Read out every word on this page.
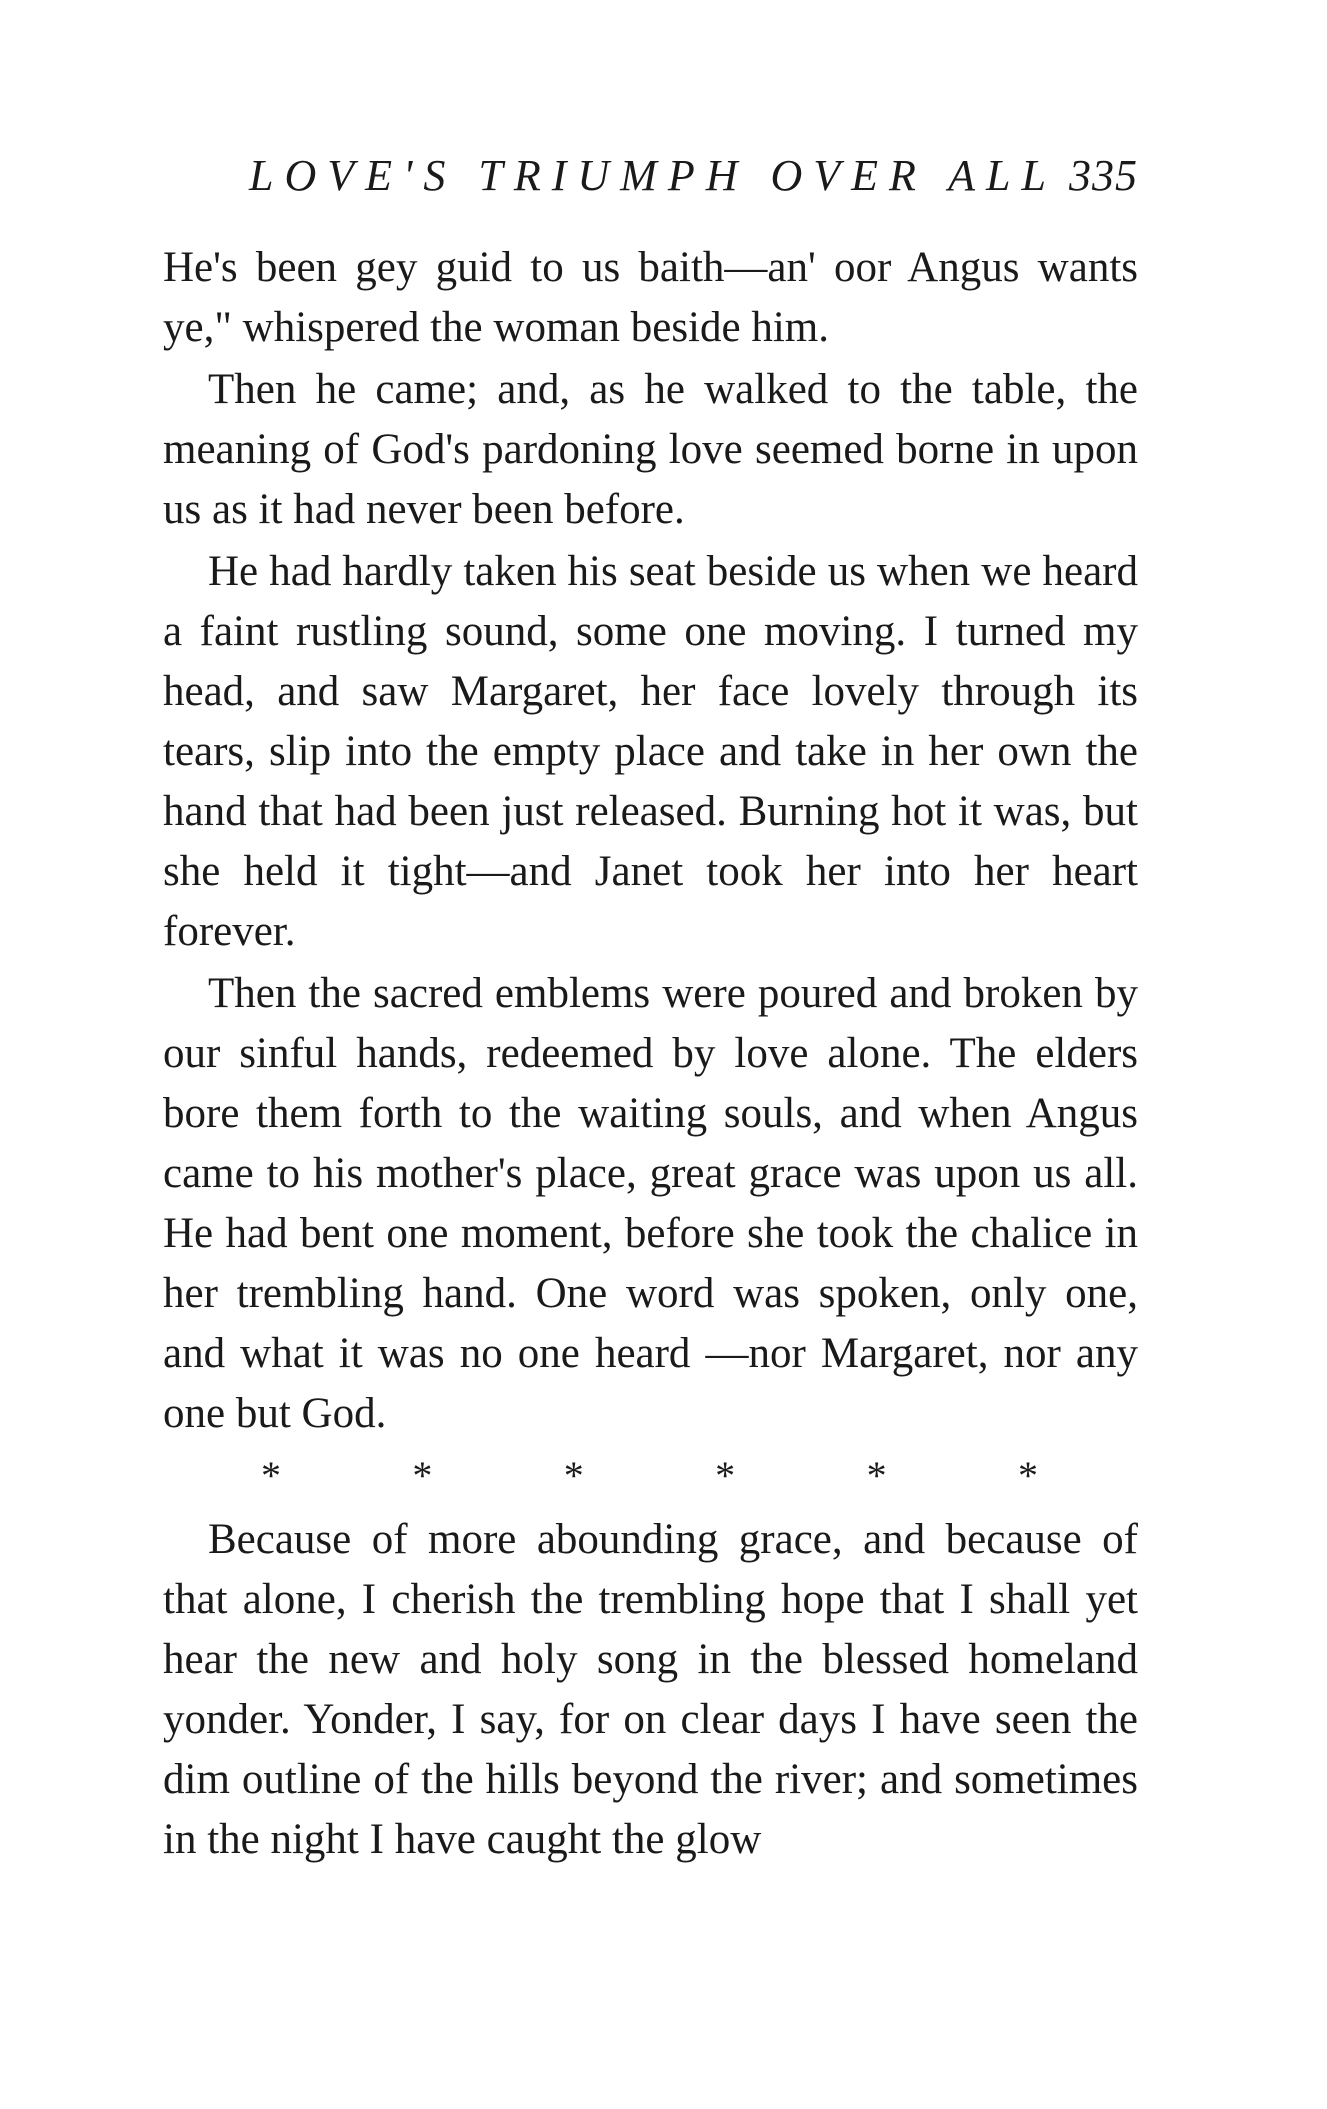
LOVE'S TRIUMPH OVER ALL 335

He's been gey guid to us baith—an' oor Angus wants ye," whispered the woman beside him.

Then he came; and, as he walked to the table, the meaning of God's pardoning love seemed borne in upon us as it had never been before.

He had hardly taken his seat beside us when we heard a faint rustling sound, some one moving. I turned my head, and saw Margaret, her face lovely through its tears, slip into the empty place and take in her own the hand that had been just released. Burning hot it was, but she held it tight—and Janet took her into her heart forever.

Then the sacred emblems were poured and broken by our sinful hands, redeemed by love alone. The elders bore them forth to the waiting souls, and when Angus came to his mother's place, great grace was upon us all. He had bent one moment, before she took the chalice in her trembling hand. One word was spoken, only one, and what it was no one heard —nor Margaret, nor any one but God.

*	*	*	*	*	*

Because of more abounding grace, and because of that alone, I cherish the trembling hope that I shall yet hear the new and holy song in the blessed homeland yonder. Yonder, I say, for on clear days I have seen the dim outline of the hills beyond the river; and sometimes in the night I have caught the glow
